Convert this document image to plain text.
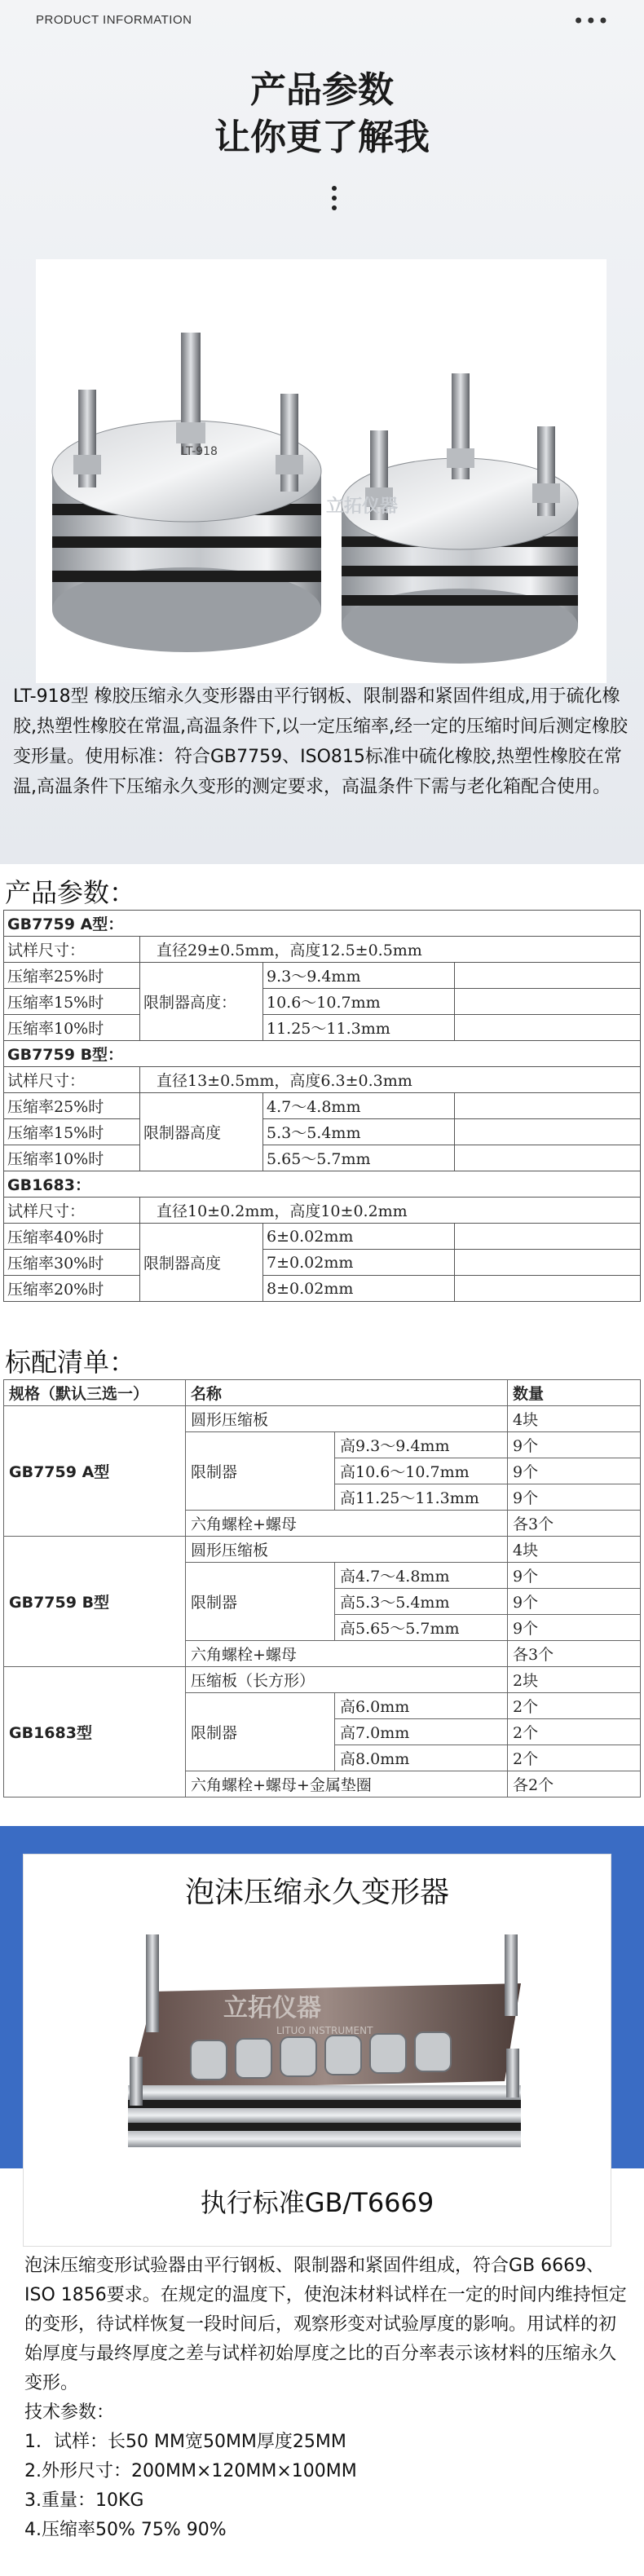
PRODUCT INFORMATION	•••
产品参数
让你更了解我
LT-918
立拓仪器

LT-918型 橡胶压缩永久变形器由平行钢板、限制器和紧固件组成,用于硫化橡胶,热塑性橡胶在常温,高温条件下,以一定压缩率,经一定的压缩时间后测定橡胶变形量。使用标准：符合GB7759、ISO815标准中硫化橡胶,热塑性橡胶在常温,高温条件下压缩永久变形的测定要求，高温条件下需与老化箱配合使用。

产品参数：
GB7759 A型：			
试样尺寸：	直径29±0.5mm，高度12.5±0.5mm		
压缩率25%时	限制器高度：	9.3～9.4mm	
压缩率15%时		10.6～10.7mm	
压缩率10%时		11.25～11.3mm	
GB7759 B型：			
试样尺寸：	直径13±0.5mm，高度6.3±0.3mm		
压缩率25%时	限制器高度	4.7～4.8mm	
压缩率15%时		5.3～5.4mm	
压缩率10%时		5.65～5.7mm	
GB1683：			
试样尺寸：	直径10±0.2mm，高度10±0.2mm		
压缩率40%时	限制器高度	6±0.02mm	
压缩率30%时		7±0.02mm	
压缩率20%时		8±0.02mm	
标配清单：
规格（默认三选一）	名称		数量
GB7759 A型	圆形压缩板		4块
	限制器	高9.3～9.4mm	9个
		高10.6～10.7mm	9个
		高11.25～11.3mm	9个
	六角螺栓+螺母		各3个
GB7759 B型	圆形压缩板		4块
	限制器	高4.7～4.8mm	9个
		高5.3～5.4mm	9个
		高5.65～5.7mm	9个
	六角螺栓+螺母		各3个
GB1683型	压缩板（长方形）		2块
	限制器	高6.0mm	2个
		高7.0mm	2个
		高8.0mm	2个
	六角螺栓+螺母+金属垫圈		各2个
泡沫压缩永久变形器
立拓仪器
LITUO INSTRUMENT
执行标准GB/T6669

泡沫压缩变形试验器由平行钢板、限制器和紧固件组成，符合GB 6669、ISO 1856要求。在规定的温度下，使泡沫材料试样在一定的时间内维持恒定的变形，待试样恢复一段时间后，观察形变对试验厚度的影响。用试样的初始厚度与最终厚度之差与试样初始厚度之比的百分率表示该材料的压缩永久变形。

技术参数：

1．试样：长50 MM宽50MM厚度25MM

2.外形尺寸：200MM×120MM×100MM

3.重量：10KG

4.压缩率50% 75% 90%
